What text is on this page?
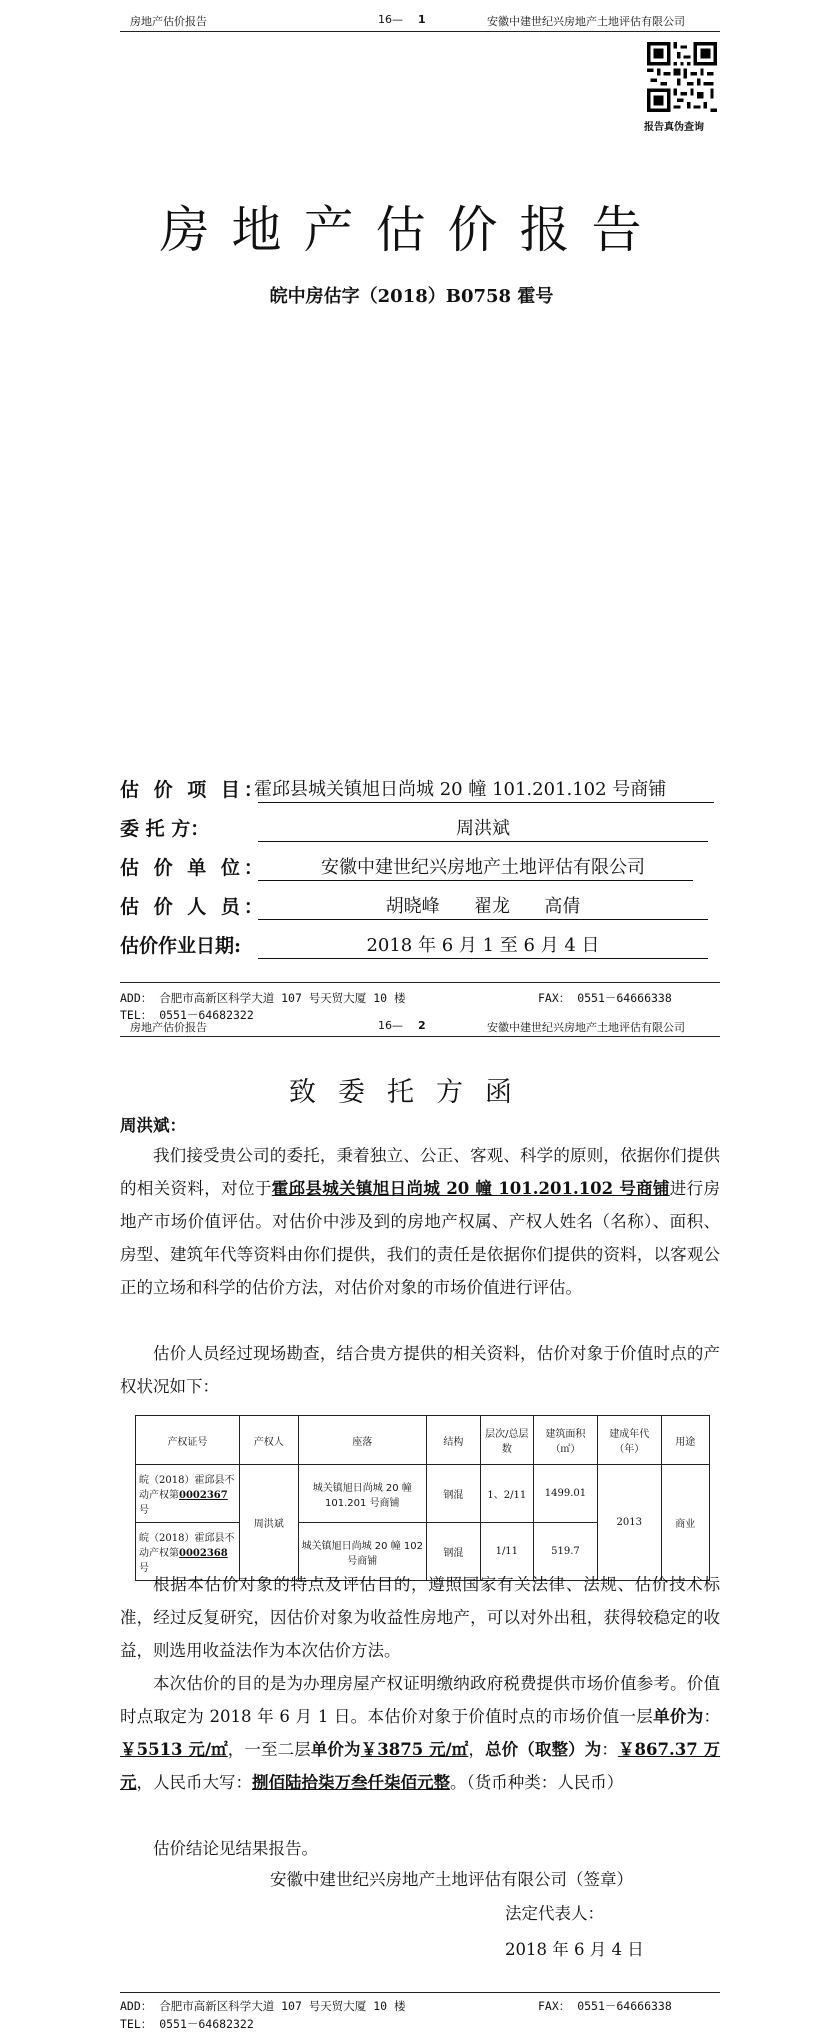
房地产估价报告	16— 1	安徽中建世纪兴房地产土地评估有限公司
报告真伪查询
房地产估价报告
皖中房估字（2018）B0758 霍号
估 价 项 目：
霍邱县城关镇旭日尚城 20 幢 101.201.102 号商铺
委 托 方：	周洪斌
估 价 单 位：	安徽中建世纪兴房地产土地评估有限公司
估 价 人 员：	胡晓峰      翟龙      高倩
估价作业日期:	2018 年 6 月 1 至 6 月 4 日
ADD： 合肥市高新区科学大道 107 号天贸大厦 10 楼	FAX： 0551－64666338
TEL： 0551－64682322
房地产估价报告	16— 2	安徽中建世纪兴房地产土地评估有限公司
致委托方函
周洪斌：
我们接受贵公司的委托，秉着独立、公正、客观、科学的原则，依据你们提供的相关资料，对位于霍邱县城关镇旭日尚城 20 幢 101.201.102 号商铺进行房地产市场价值评估。对估价中涉及到的房地产权属、产权人姓名（名称）、面积、房型、建筑年代等资料由你们提供，我们的责任是依据你们提供的资料，以客观公正的立场和科学的估价方法，对估价对象的市场价值进行评估。
估价人员经过现场勘查，结合贵方提供的相关资料，估价对象于价值时点的产权状况如下：
产权证号	产权人	座落	结构	层次/总层数	建筑面积（㎡）	建成年代（年）	用途
皖（2018）霍邱县不动产权第0002367号	周洪斌	城关镇旭日尚城 20 幢 101.201 号商铺	钢混	1、2/11	1499.01	2013	商业
皖（2018）霍邱县不动产权第0002368号		城关镇旭日尚城 20 幢 102 号商铺	钢混	1/11	519.7		
根据本估价对象的特点及评估目的，遵照国家有关法律、法规、估价技术标准，经过反复研究，因估价对象为收益性房地产，可以对外出租，获得较稳定的收益，则选用收益法作为本次估价方法。
本次估价的目的是为办理房屋产权证明缴纳政府税费提供市场价值参考。价值时点取定为 2018 年 6 月 1 日。本估价对象于价值时点的市场价值一层单价为：￥5513 元/㎡，一至二层单价为￥3875 元/㎡，总价（取整）为：￥867.37 万元，人民币大写：捌佰陆拾柒万叁仟柒佰元整。（货币种类：人民币）
估价结论见结果报告。
安徽中建世纪兴房地产土地评估有限公司（签章）
法定代表人：
2018 年 6 月 4 日
ADD： 合肥市高新区科学大道 107 号天贸大厦 10 楼	FAX： 0551－64666338
TEL： 0551－64682322
